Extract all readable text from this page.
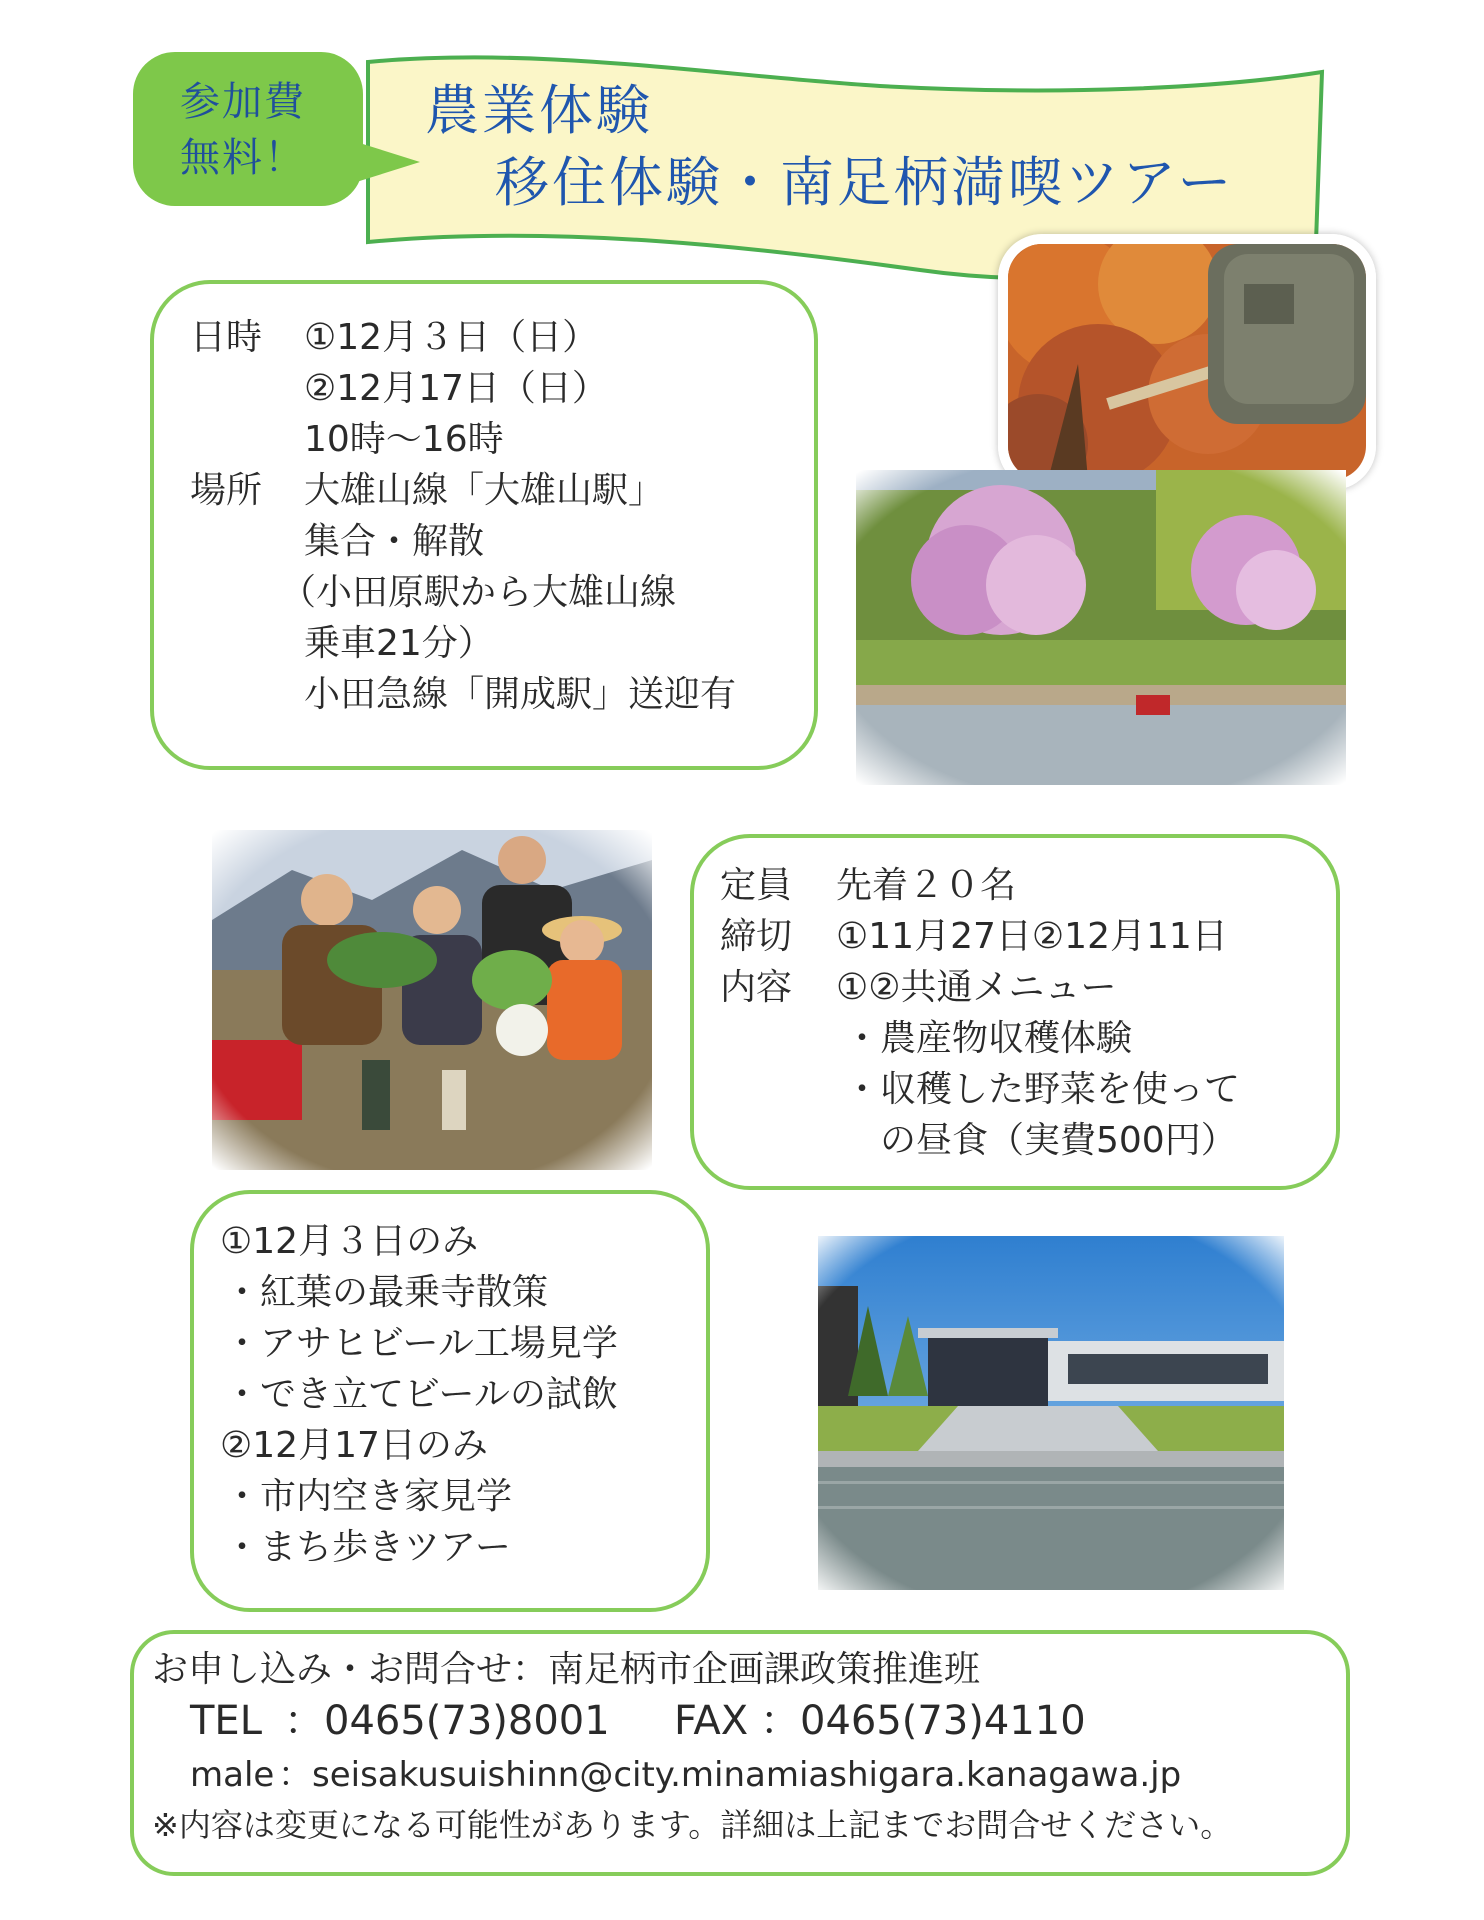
参加費
無料！
農業体験
移住体験・南足柄満喫ツアー
日時 ①12月３日（日）
②12月17日（日）
10時～16時
場所 大雄山線「大雄山駅」
集合・解散
（小田原駅から大雄山線
乗車21分）
小田急線「開成駅」送迎有
定員 先着２０名
締切 ①11月27日②12月11日
内容 ①②共通メニュー
・農産物収穫体験
・収穫した野菜を使って
の昼食（実費500円）
①12月３日のみ
・紅葉の最乗寺散策
・アサヒビール工場見学
・でき立てビールの試飲
②12月17日のみ
・市内空き家見学
・まち歩きツアー
お申し込み・お問合せ：南足柄市企画課政策推進班
TEL ：0465(73)8001 FAX ：0465(73)4110
male ：seisakusuishinn@city.minamiashigara.kanagawa.jp
※内容は変更になる可能性があります。詳細は上記までお問合せください。
